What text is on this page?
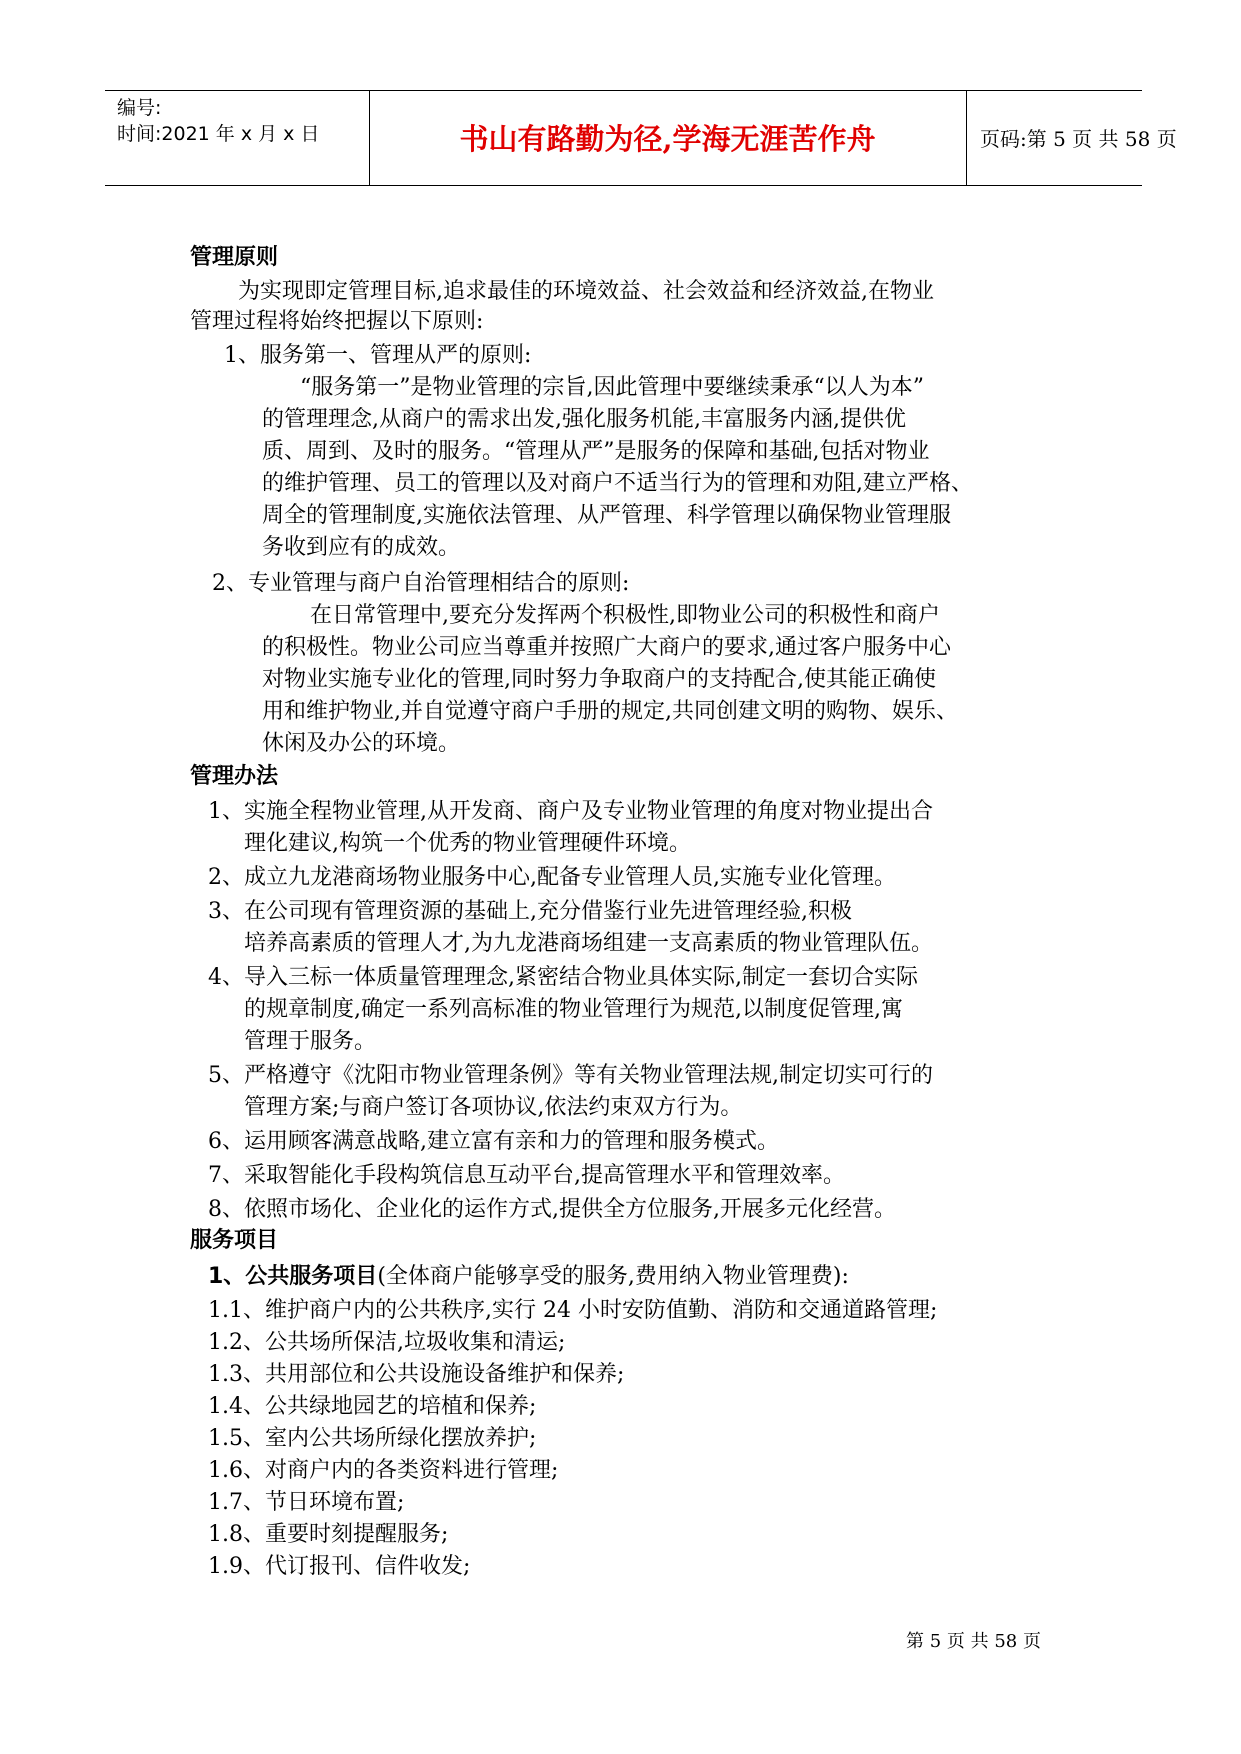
编号:
时间:2021 年 x 月 x 日	书山有路勤为径,学海无涯苦作舟	页码:第 5 页 共 58 页
管理原则
为实现即定管理目标,追求最佳的环境效益、社会效益和经济效益,在物业
管理过程将始终把握以下原则:
1、服务第一、管理从严的原则:
“服务第一”是物业管理的宗旨,因此管理中要继续秉承“以人为本”
的管理理念,从商户的需求出发,强化服务机能,丰富服务内涵,提供优
质、周到、及时的服务。“管理从严”是服务的保障和基础,包括对物业
的维护管理、员工的管理以及对商户不适当行为的管理和劝阻,建立严格、
周全的管理制度,实施依法管理、从严管理、科学管理以确保物业管理服
务收到应有的成效。
2、专业管理与商户自治管理相结合的原则:
在日常管理中,要充分发挥两个积极性,即物业公司的积极性和商户
的积极性。物业公司应当尊重并按照广大商户的要求,通过客户服务中心
对物业实施专业化的管理,同时努力争取商户的支持配合,使其能正确使
用和维护物业,并自觉遵守商户手册的规定,共同创建文明的购物、娱乐、
休闲及办公的环境。
管理办法
1、实施全程物业管理,从开发商、商户及专业物业管理的角度对物业提出合
理化建议,构筑一个优秀的物业管理硬件环境。
2、成立九龙港商场物业服务中心,配备专业管理人员,实施专业化管理。
3、在公司现有管理资源的基础上,充分借鉴行业先进管理经验,积极
培养高素质的管理人才,为九龙港商场组建一支高素质的物业管理队伍。
4、导入三标一体质量管理理念,紧密结合物业具体实际,制定一套切合实际
的规章制度,确定一系列高标准的物业管理行为规范,以制度促管理,寓
管理于服务。
5、严格遵守《沈阳市物业管理条例》等有关物业管理法规,制定切实可行的
管理方案;与商户签订各项协议,依法约束双方行为。
6、运用顾客满意战略,建立富有亲和力的管理和服务模式。
7、采取智能化手段构筑信息互动平台,提高管理水平和管理效率。
8、依照市场化、企业化的运作方式,提供全方位服务,开展多元化经营。
服务项目
1、公共服务项目(全体商户能够享受的服务,费用纳入物业管理费):
1.1、维护商户内的公共秩序,实行 24 小时安防值勤、消防和交通道路管理;
1.2、公共场所保洁,垃圾收集和清运;
1.3、共用部位和公共设施设备维护和保养;
1.4、公共绿地园艺的培植和保养;
1.5、室内公共场所绿化摆放养护;
1.6、对商户内的各类资料进行管理;
1.7、节日环境布置;
1.8、重要时刻提醒服务;
1.9、代订报刊、信件收发;
第 5 页 共 58 页
